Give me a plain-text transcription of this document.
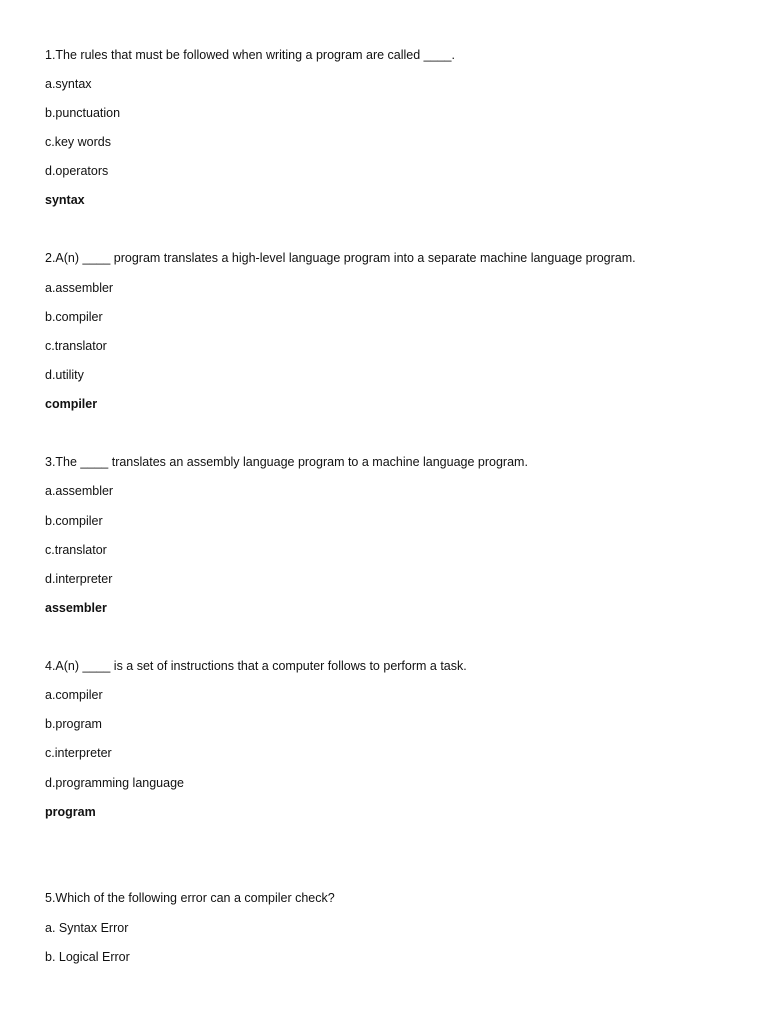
1.The rules that must be followed when writing a program are called ____.
a.syntax
b.punctuation
c.key words
d.operators
syntax
2.A(n) ____ program translates a high-level language program into a separate machine language program.
a.assembler
b.compiler
c.translator
d.utility
compiler
3.The ____ translates an assembly language program to a machine language program.
a.assembler
b.compiler
c.translator
d.interpreter
assembler
4.A(n) ____ is a set of instructions that a computer follows to perform a task.
a.compiler
b.program
c.interpreter
d.programming language
program
5.Which of the following error can a compiler check?
a. Syntax Error
b. Logical Error
